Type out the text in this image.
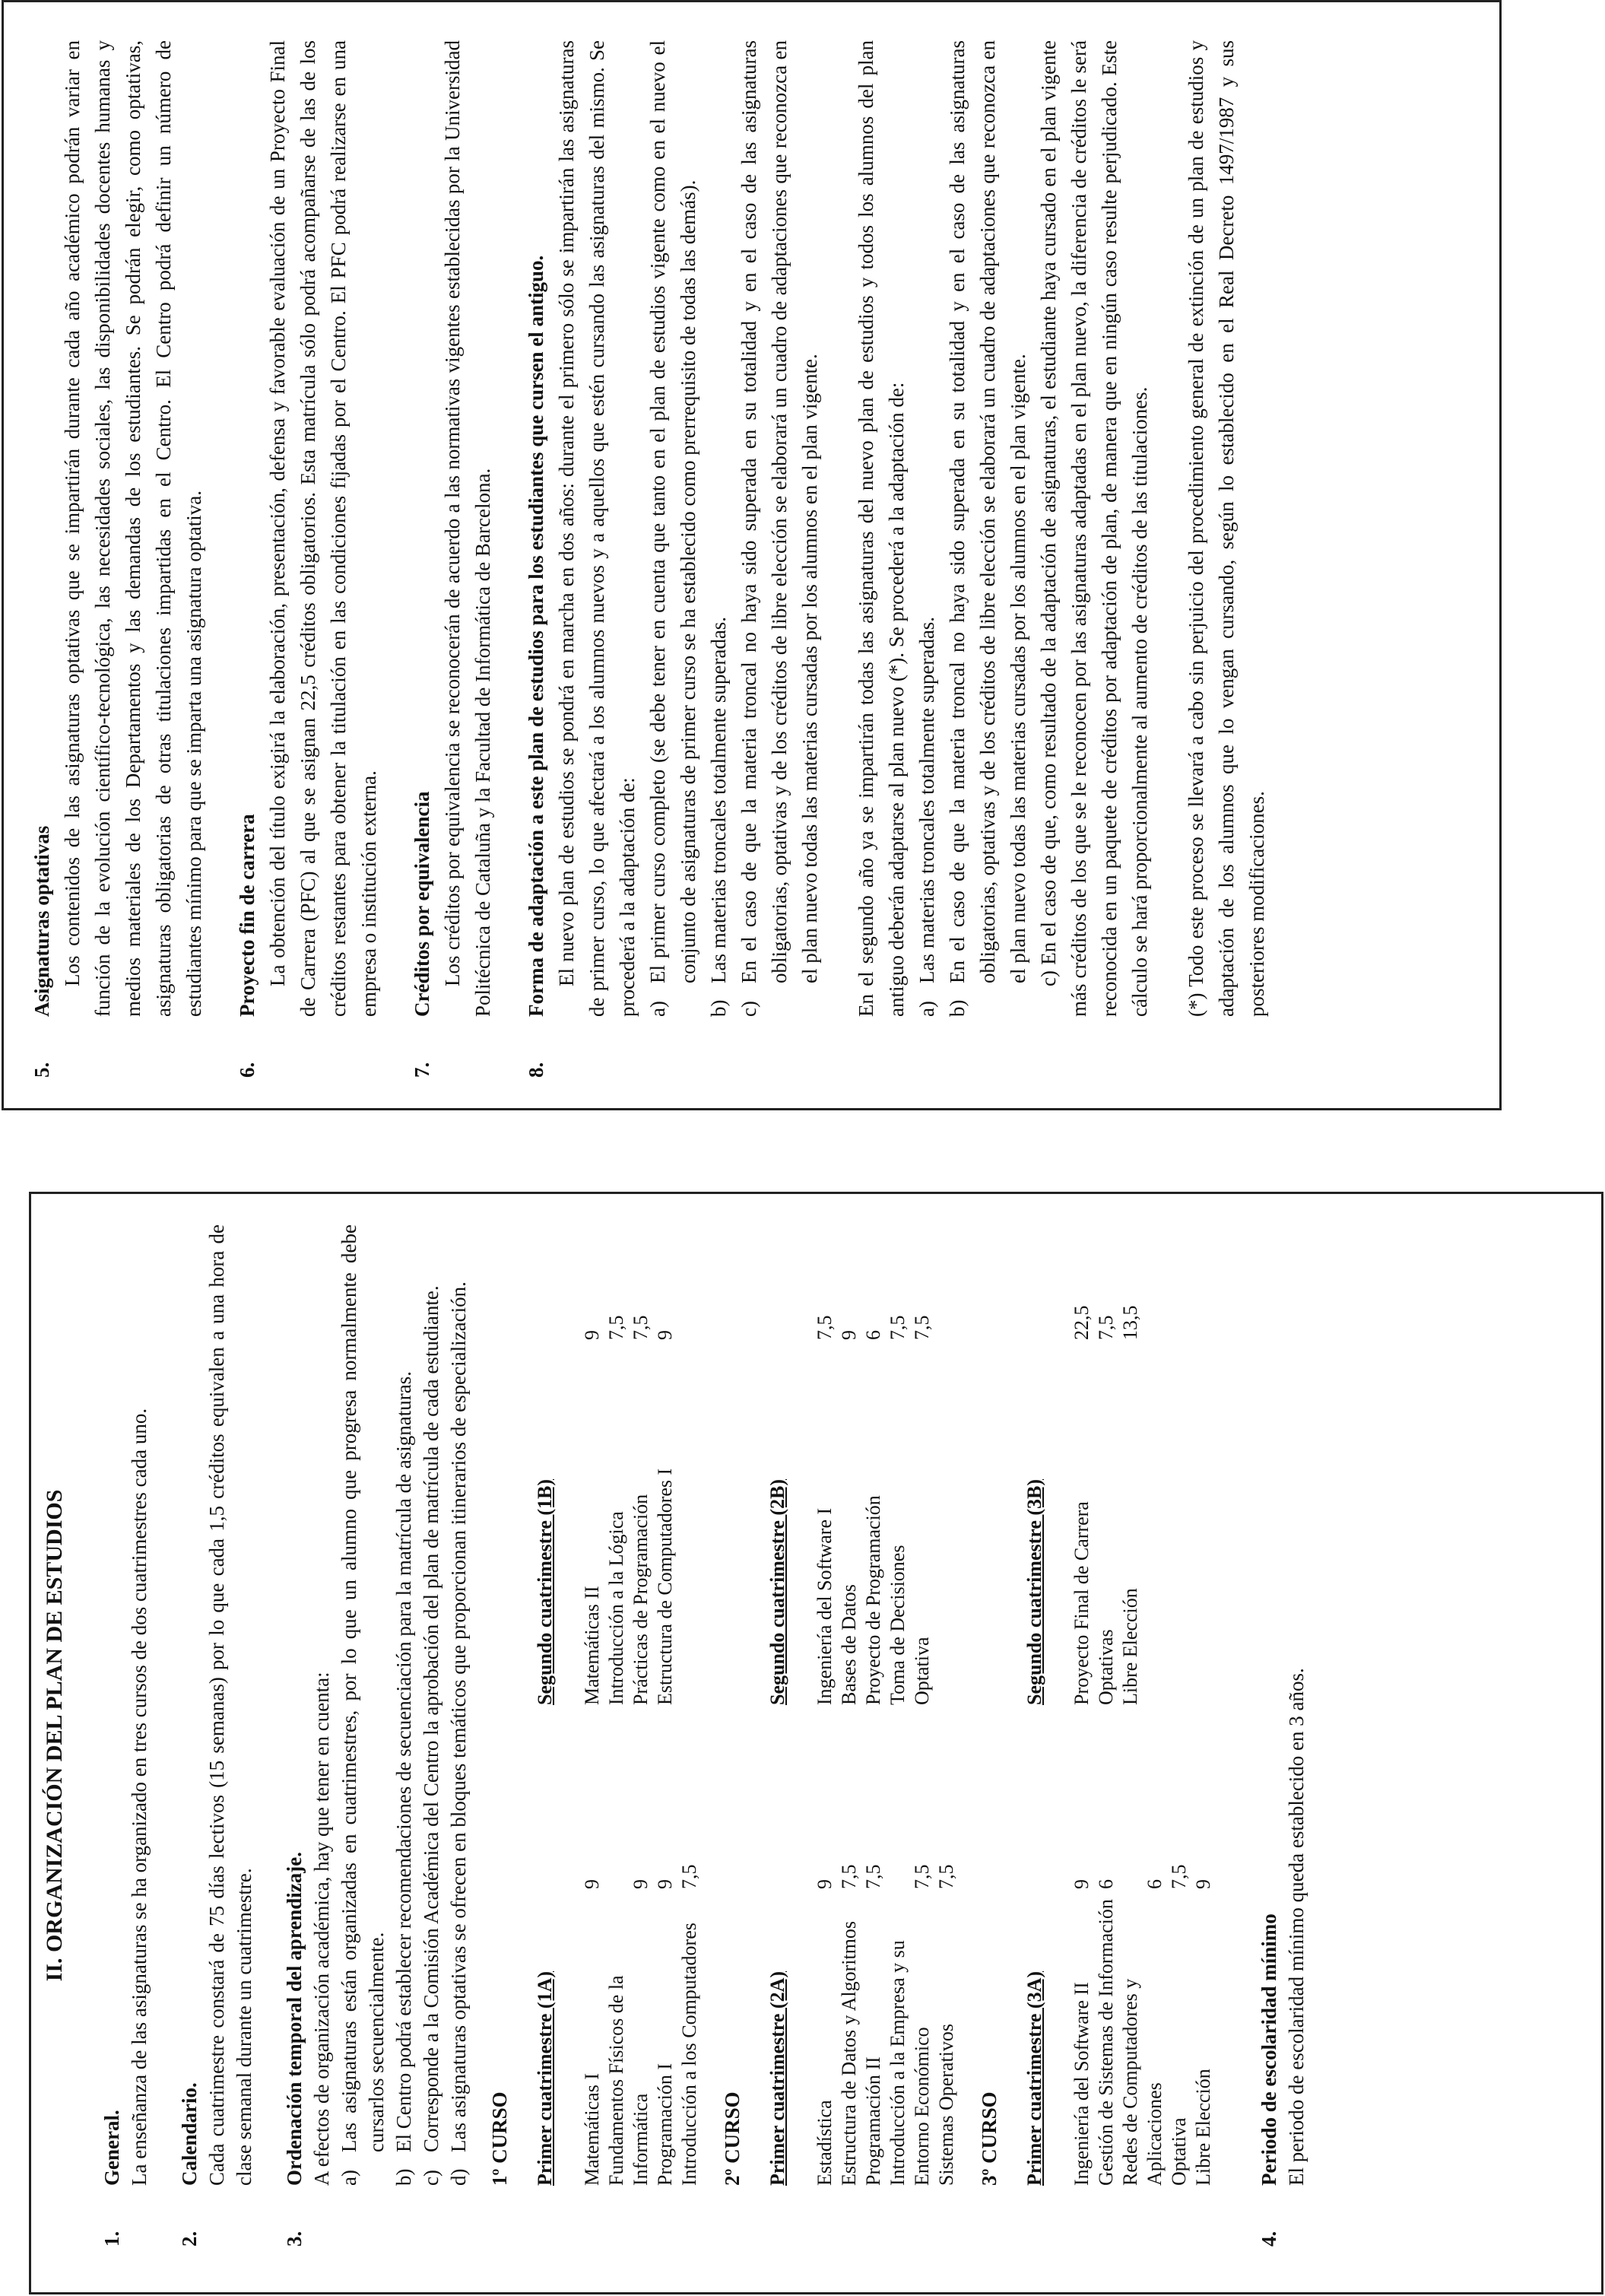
5.
Asignaturas optativas Los contenidos de las asignaturas optativas que se impartirán durante cada año académico podrán variar en función de la evolución científico-tecnológica, las necesidades sociales, las disponibilidades docentes humanas y medios materiales de los Departamentos y las demandas de los estudiantes. Se podrán elegir, como optativas, asignaturas obligatorias de otras titulaciones impartidas en el Centro. El Centro podrá definir un número de estudiantes mínimo para que se imparta una asignatura optativa.

6.
Proyecto fin de carrera La obtención del título exigirá la elaboración, presentación, defensa y favorable evaluación de un Proyecto Final de Carrera (PFC) al que se asignan 22,5 créditos obligatorios. Esta matrícula sólo podrá acompañarse de las de los créditos restantes para obtener la titulación en las condiciones fijadas por el Centro. El PFC podrá realizarse en una empresa o institución externa.

7.
Créditos por equivalencia Los créditos por equivalencia se reconocerán de acuerdo a las normativas vigentes establecidas por la Universidad Politécnica de Cataluña y la Facultad de Informática de Barcelona.

8.
Forma de adaptación a este plan de estudios para los estudiantes que cursen el antiguo. El nuevo plan de estudios se pondrá en marcha en dos años: durante el primero sólo se impartirán las asignaturas de primer curso, lo que afectará a los alumnos nuevos y a aquellos que estén cursando las asignaturas del mismo. Se procederá a la adaptación de: a)
El primer curso completo (se debe tener en cuenta que tanto en el plan de estudios vigente como en el nuevo el conjunto de asignaturas de primer curso se ha establecido como prerrequisito de todas las demás).
b)
Las materias troncales totalmente superadas.
c)
En el caso de que la materia troncal no haya sido superada en su totalidad y en el caso de las asignaturas obligatorias, optativas y de los créditos de libre elección se elaborará un cuadro de adaptaciones que reconozca en el plan nuevo todas las materias cursadas por los alumnos en el plan vigente. En el segundo año ya se impartirán todas las asignaturas del nuevo plan de estudios y todos los alumnos del plan antiguo deberán adaptarse al plan nuevo (*). Se procederá a la adaptación de: a)
Las materias troncales totalmente superadas.
b)
En el caso de que la materia troncal no haya sido superada en su totalidad y en el caso de las asignaturas obligatorias, optativas y de los créditos de libre elección se elaborará un cuadro de adaptaciones que reconozca en el plan nuevo todas las materias cursadas por los alumnos en el plan vigente. c) En el caso de que, como resultado de la adaptación de asignaturas, el estudiante haya cursado en el plan vigente más créditos de los que se le reconocen por las asignaturas adaptadas en el plan nuevo, la diferencia de créditos le será reconocida en un paquete de créditos por adaptación de plan, de manera que en ningún caso resulte perjudicado. Este cálculo se hará proporcionalmente al aumento de créditos de las titulaciones. (*) Todo este proceso se llevará a cabo sin perjuicio del procedimiento general de extinción de un plan de estudios y adaptación de los alumnos que lo vengan cursando, según lo establecido en el Real Decreto 1497/1987 y sus posteriores modificaciones.

II. ORGANIZACIÓN DEL PLAN DE ESTUDIOS
1.
General. La enseñanza de las asignaturas se ha organizado en tres cursos de dos cuatrimestres cada uno.

2.
Calendario. Cada cuatrimestre constará de 75 días lectivos (15 semanas) por lo que cada 1,5 créditos equivalen a una hora de clase semanal durante un cuatrimestre.

3.
Ordenación temporal del aprendizaje. A efectos de organización académica, hay que tener en cuenta: a)
Las asignaturas están organizadas en cuatrimestres, por lo que un alumno que progresa normalmente debe cursarlos secuencialmente.
b)
El Centro podrá establecer recomendaciones de secuenciación para la matrícula de asignaturas.
c)
Corresponde a la Comisión Académica del Centro la aprobación del plan de matrícula de cada estudiante.
d)
Las asignaturas optativas se ofrecen en bloques temáticos que proporcionan itinerarios de especialización. 1º CURSO Primer cuatrimestre (1A) Matemáticas I
9
Fundamentos Físicos de la Informática
9
Programación I
9
Introducción a los Computadores
7,5
Segundo cuatrimestre (1B) Matemáticas II
9
Introducción a la Lógica
7,5
Prácticas de Programación
7,5
Estructura de Computadores I
9
2º CURSO Primer cuatrimestre (2A) Estadística
9
Estructura de Datos y Algoritmos
7,5
Programación II
7,5
Introducción a la Empresa y su Entorno Económico
7,5
Sistemas Operativos
7,5
Segundo cuatrimestre (2B) Ingeniería del Software I
7,5
Bases de Datos
9
Proyecto de Programación
6
Toma de Decisiones
7,5
Optativa
7,5
3º CURSO Primer cuatrimestre (3A) Ingeniería del Software II
9
Gestión de Sistemas de Información
6
Redes de Computadores y Aplicaciones
6
Optativa
7,5
Libre Elección
9
Segundo cuatrimestre (3B) Proyecto Final de Carrera
22,5
Optativas
7,5
Libre Elección
13,5
4.
Periodo de escolaridad mínimo El periodo de escolaridad mínimo queda establecido en 3 años.
